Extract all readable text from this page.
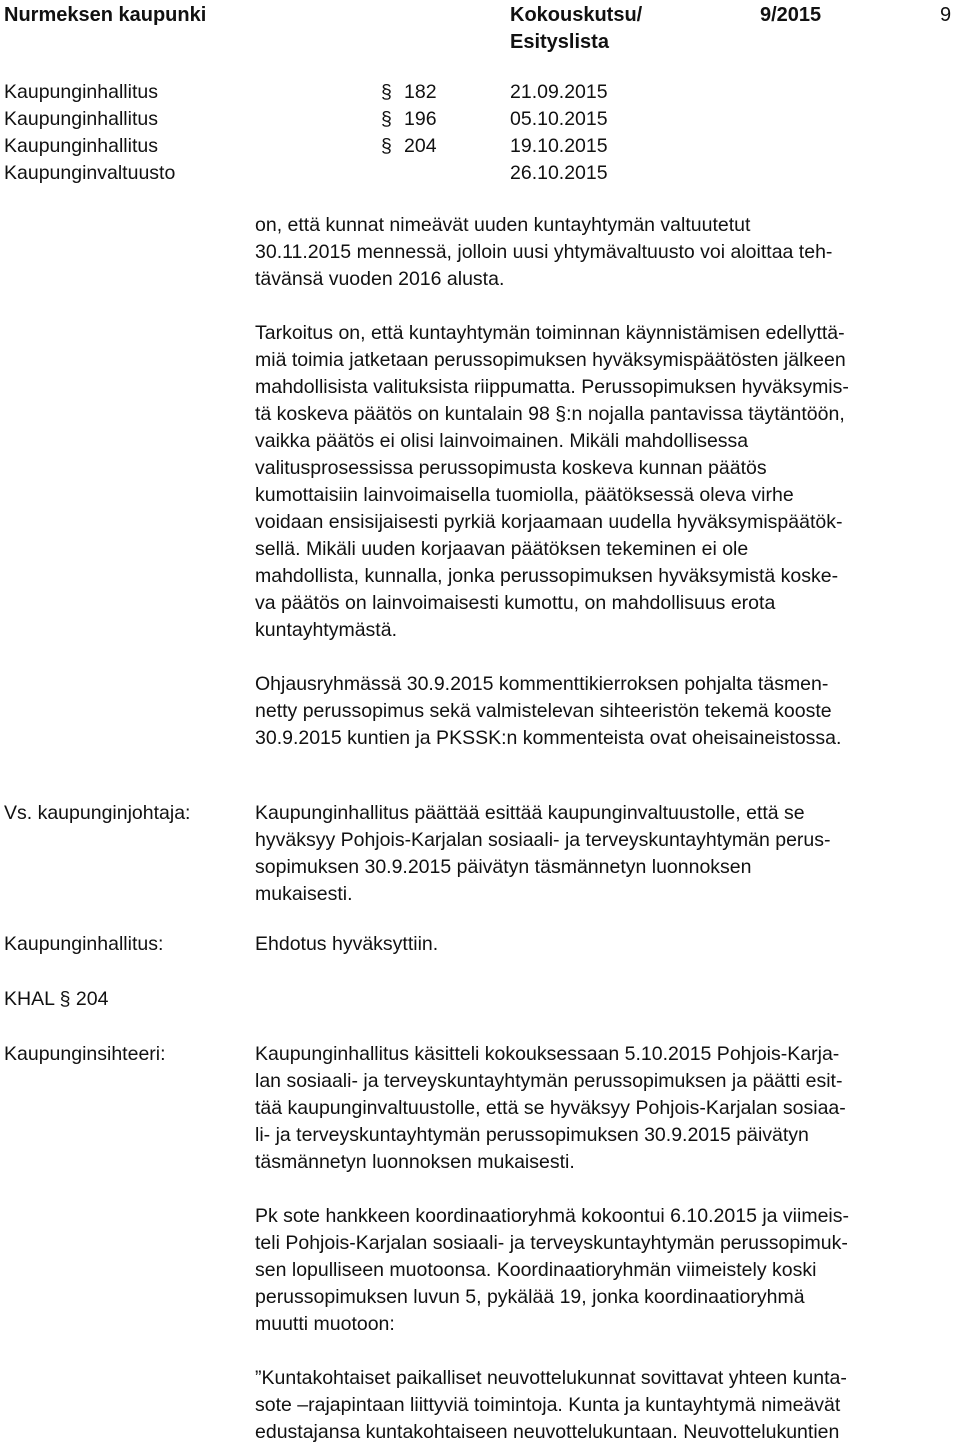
Nurmeksen kaupunki	Kokouskutsu/
Esityslista
9/2015	9
Kaupunginhallitus	§ 182	21.09.2015
Kaupunginhallitus	§ 196	05.10.2015
Kaupunginhallitus	§ 204	19.10.2015
Kaupunginvaltuusto	26.10.2015

on, että kunnat nimeävät uuden kuntayhtymän valtuutetut

30.11.2015 mennessä, jolloin uusi yhtymävaltuusto voi aloittaa teh-

tävänsä vuoden 2016 alusta.

Tarkoitus on, että kuntayhtymän toiminnan käynnistämisen edellyttä-

miä toimia jatketaan perussopimuksen hyväksymispäätösten jälkeen

mahdollisista valituksista riippumatta. Perussopimuksen hyväksymis-

tä koskeva päätös on kuntalain 98 §:n nojalla pantavissa täytäntöön,

vaikka päätös ei olisi lainvoimainen. Mikäli mahdollisessa

valitusprosessissa perussopimusta koskeva kunnan päätös

kumottaisiin lainvoimaisella tuomiolla, päätöksessä oleva virhe

voidaan ensisijaisesti pyrkiä korjaamaan uudella hyväksymispäätök-

sellä. Mikäli uuden korjaavan päätöksen tekeminen ei ole

mahdollista, kunnalla, jonka perussopimuksen hyväksymistä koske-

va päätös on lainvoimaisesti kumottu, on mahdollisuus erota

kuntayhtymästä.

Ohjausryhmässä 30.9.2015 kommenttikierroksen pohjalta täsmen-

netty perussopimus sekä valmistelevan sihteeristön tekemä kooste

30.9.2015 kuntien ja PKSSK:n kommenteista ovat oheisaineistossa.

Vs. kaupunginjohtaja:	Kaupunginhallitus päättää esittää kaupunginvaltuustolle, että se

hyväksyy Pohjois-Karjalan sosiaali- ja terveyskuntayhtymän perus-

sopimuksen 30.9.2015 päivätyn täsmännetyn luonnoksen

mukaisesti.

Kaupunginhallitus:	Ehdotus hyväksyttiin.
KHAL § 204
Kaupunginsihteeri:	Kaupunginhallitus käsitteli kokouksessaan 5.10.2015 Pohjois-Karja-

lan sosiaali- ja terveyskuntayhtymän perussopimuksen ja päätti esit-

tää kaupunginvaltuustolle, että se hyväksyy Pohjois-Karjalan sosiaa-

li- ja terveyskuntayhtymän perussopimuksen 30.9.2015 päivätyn

täsmännetyn luonnoksen mukaisesti.

Pk sote hankkeen koordinaatioryhmä kokoontui 6.10.2015 ja viimeis-

teli Pohjois-Karjalan sosiaali- ja terveyskuntayhtymän perussopimuk-

sen lopulliseen muotoonsa. Koordinaatioryhmän viimeistely koski

perussopimuksen luvun 5, pykälää 19, jonka koordinaatioryhmä

muutti muotoon:

”Kuntakohtaiset paikalliset neuvottelukunnat sovittavat yhteen kunta-

sote –rajapintaan liittyviä toimintoja. Kunta ja kuntayhtymä nimeävät

edustajansa kuntakohtaiseen neuvottelukuntaan. Neuvottelukuntien
